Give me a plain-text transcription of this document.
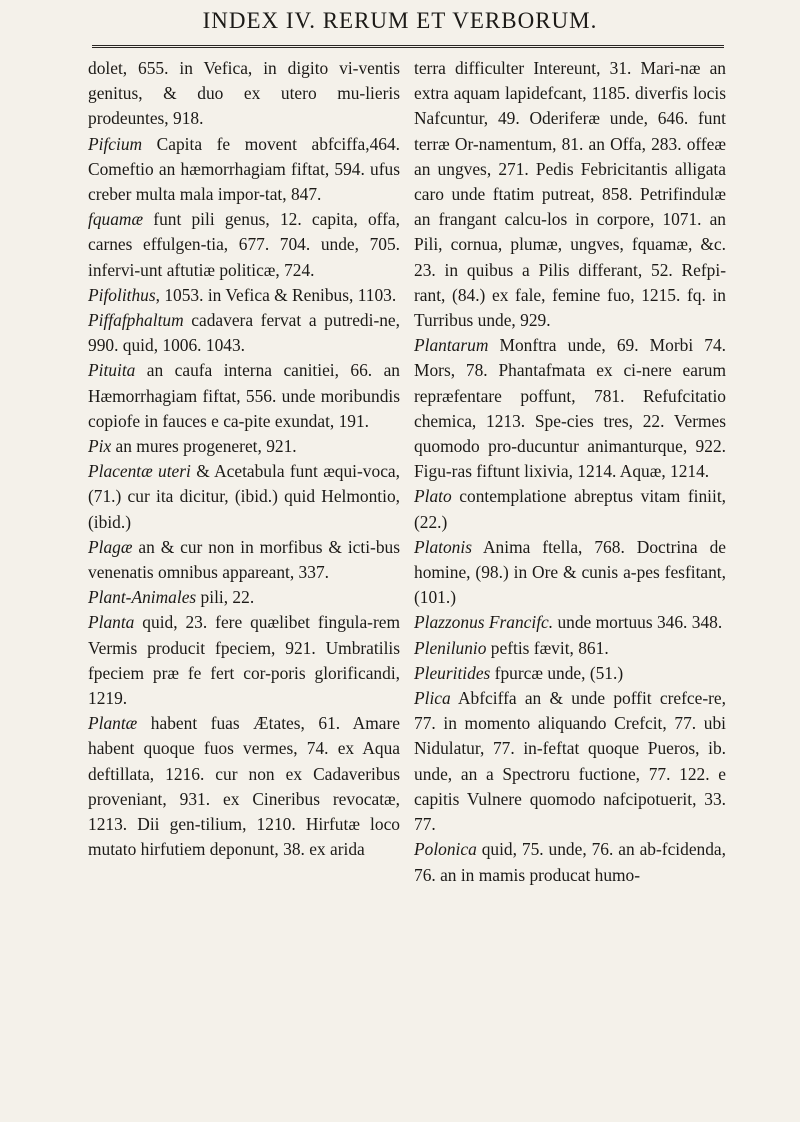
INDEX IV. RERUM ET VERBORUM.

dolet, 655. in Vefica, in digito vi-ventis genitus, & duo ex utero mu-lieris prodeuntes, 918.

Pifcium Capita fe movent abfciffa,464. Comeftio an hæmorrhagiam fiftat, 594. ufus creber multa mala impor-tat, 847.

fquamæ funt pili genus, 12. capita, offa, carnes effulgen-tia, 677. 704. unde, 705. infervi-unt aftutiæ politicæ, 724.

Pifolithus, 1053. in Vefica & Renibus, 1103.

Piffafphaltum cadavera fervat a putredi-ne, 990. quid, 1006. 1043.

Pituita an caufa interna canitiei, 66. an Hæmorrhagiam fiftat, 556. unde moribundis copiofe in fauces e ca-pite exundat, 191.

Pix an mures progeneret, 921.

Placentæ uteri & Acetabula funt æqui-voca, (71.) cur ita dicitur, (ibid.) quid Helmontio, (ibid.)

Plagæ an & cur non in morfibus & icti-bus venenatis omnibus appareant, 337.

Plant-Animales pili, 22.

Planta quid, 23. fere quælibet fingula-rem Vermis producit fpeciem, 921. Umbratilis fpeciem præ fe fert cor-poris glorificandi, 1219.

Plantæ habent fuas Ætates, 61. Amare habent quoque fuos vermes, 74. ex Aqua deftillata, 1216. cur non ex Cadaveribus proveniant, 931. ex Cineribus revocatæ, 1213. Dii gen-tilium, 1210. Hirfutæ loco mutato hirfutiem deponunt, 38. ex arida

terra difficulter Intereunt, 31. Mari-næ an extra aquam lapidefcant, 1185. diverfis locis Nafcuntur, 49. Oderiferæ unde, 646. funt terræ Or-namentum, 81. an Offa, 283. offeæ an ungves, 271. Pedis Febricitantis alligata caro unde ftatim putreat, 858. Petrifindulæ an frangant calcu-los in corpore, 1071. an Pili, cornua, plumæ, ungves, fquamæ, &c. 23. in quibus a Pilis differant, 52. Refpi-rant, (84.) ex fale, femine fuo, 1215. fq. in Turribus unde, 929.

Plantarum Monftra unde, 69. Morbi 74. Mors, 78. Phantafmata ex ci-nere earum repræfentare poffunt, 781. Refufcitatio chemica, 1213. Spe-cies tres, 22. Vermes quomodo pro-ducuntur animanturque, 922. Figu-ras fiftunt lixivia, 1214. Aquæ, 1214.

Plato contemplatione abreptus vitam finiit, (22.)

Platonis Anima ftella, 768. Doctrina de homine, (98.) in Ore & cunis a-pes fesfitant, (101.)

Plazzonus Francifc. unde mortuus 346. 348.

Plenilunio peftis fævit, 861.

Pleuritides fpurcæ unde, (51.)

Plica Abfciffa an & unde poffit crefce-re, 77. in momento aliquando Crefcit, 77. ubi Nidulatur, 77. in-feftat quoque Pueros, ib. unde, an a Spectroru fuctione, 77. 122. e capitis Vulnere quomodo nafcipotuerit, 33. 77.

Polonica quid, 75. unde, 76. an ab-fcidenda, 76. an in mamis producat humo-
